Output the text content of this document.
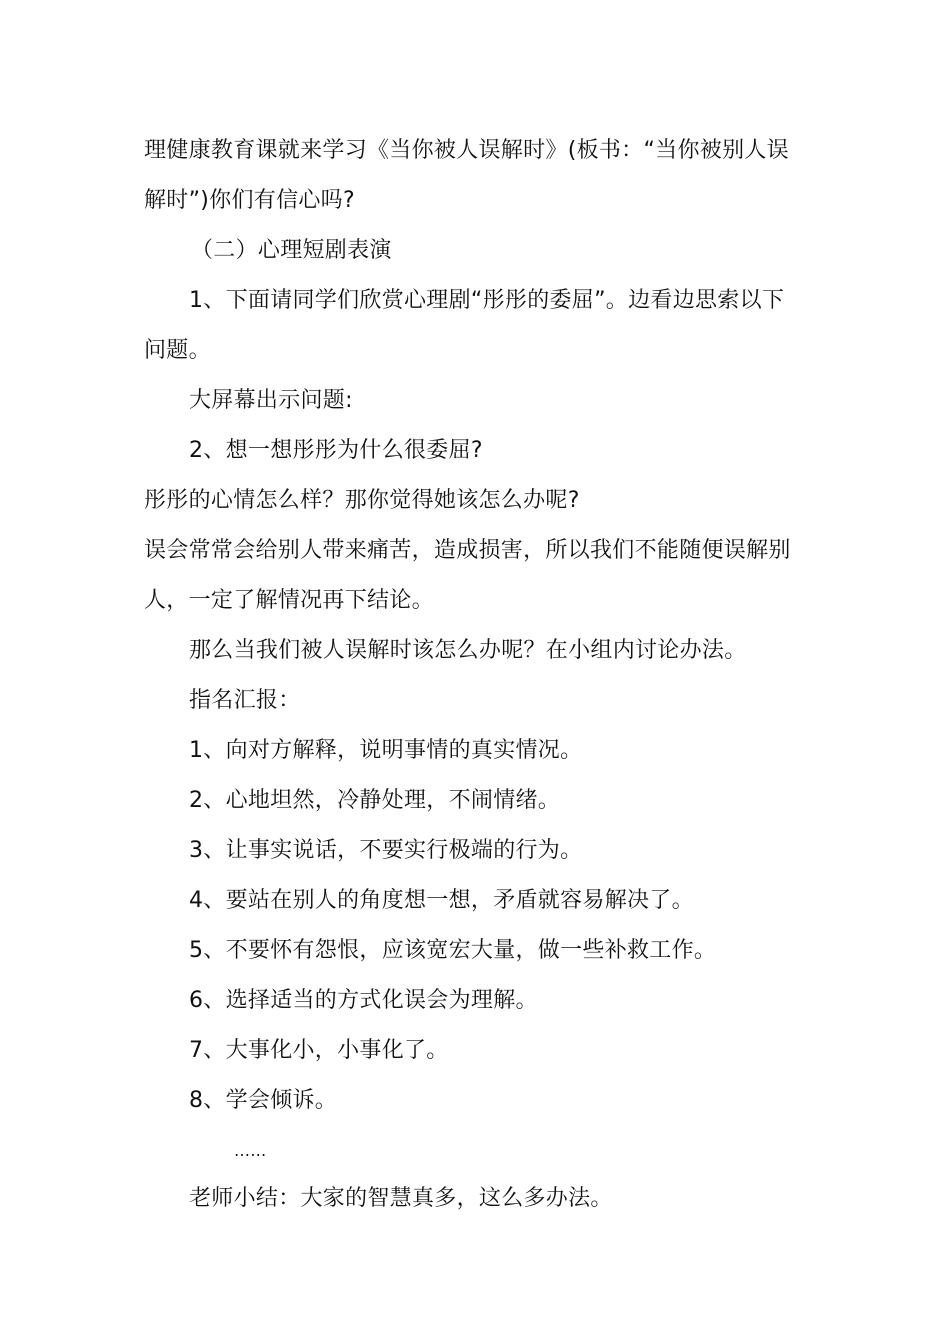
理健康教育课就来学习《当你被人误解时》(板书：“当你被别人误
解时”)你们有信心吗?
（二）心理短剧表演
1、下面请同学们欣赏心理剧“彤彤的委屈”。边看边思索以下
问题。
大屏幕出示问题:
2、想一想彤彤为什么很委屈?
彤彤的心情怎么样？那你觉得她该怎么办呢?
误会常常会给别人带来痛苦，造成损害，所以我们不能随便误解别
人，一定了解情况再下结论。
那么当我们被人误解时该怎么办呢？在小组内讨论办法。
指名汇报：
1、向对方解释，说明事情的真实情况。
2、心地坦然，冷静处理，不闹情绪。
3、让事实说话，不要实行极端的行为。
4、要站在别人的角度想一想，矛盾就容易解决了。
5、不要怀有怨恨，应该宽宏大量，做一些补救工作。
6、选择适当的方式化误会为理解。
7、大事化小，小事化了。
8、学会倾诉。
……
老师小结：大家的智慧真多，这么多办法。
